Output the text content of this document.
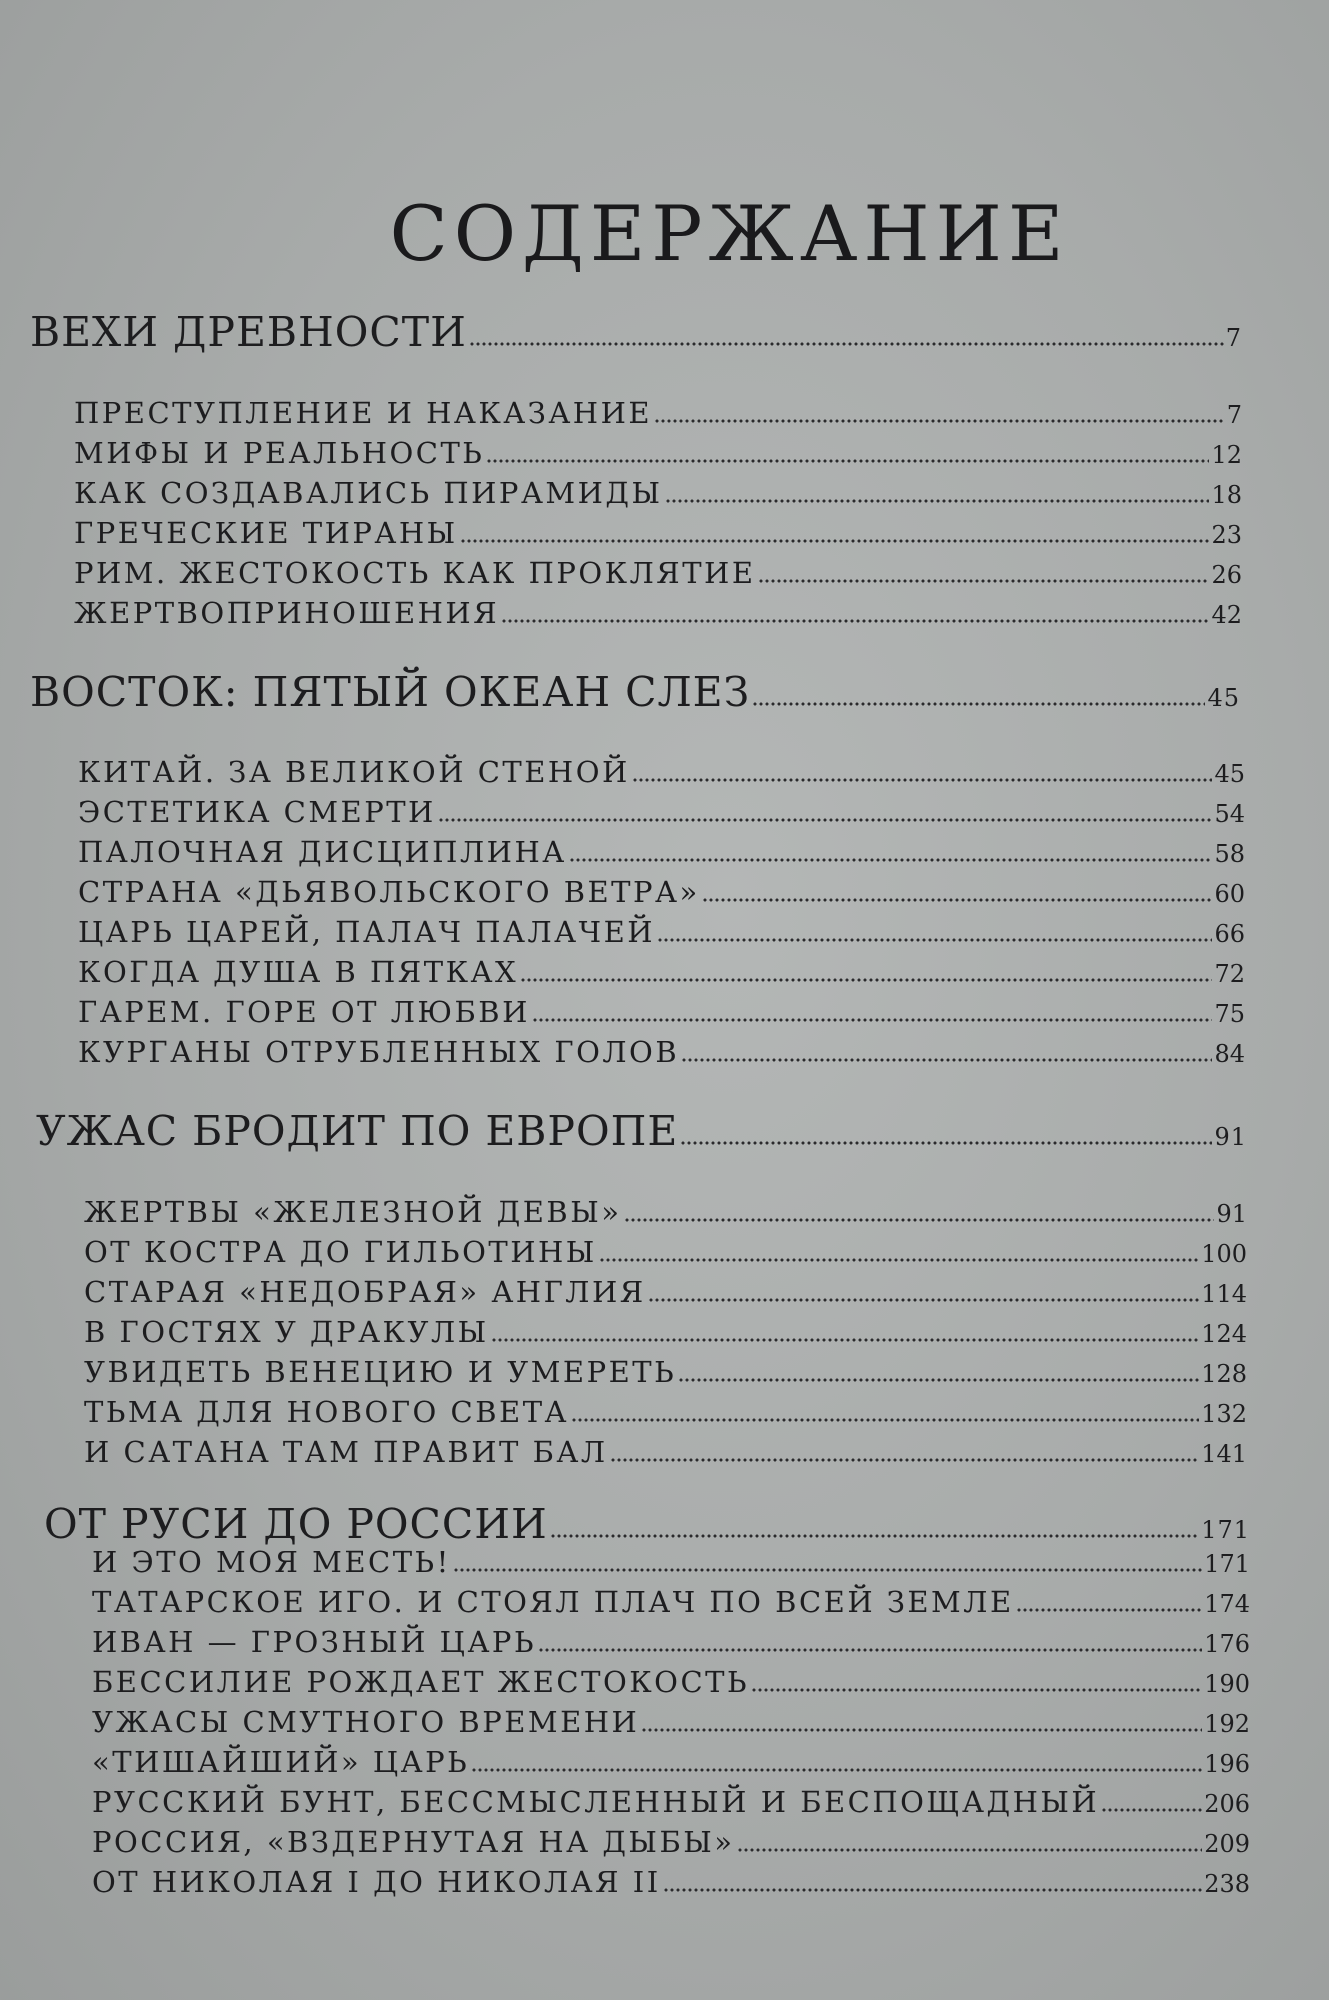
СОДЕРЖАНИЕ
ВЕХИ ДРЕВНОСТИ	7
ПРЕСТУПЛЕНИЕ И НАКАЗАНИЕ	7
МИФЫ И РЕАЛЬНОСТЬ	12
КАК СОЗДАВАЛИСЬ ПИРАМИДЫ	18
ГРЕЧЕСКИЕ ТИРАНЫ	23
РИМ. ЖЕСТОКОСТЬ КАК ПРОКЛЯТИЕ	26
ЖЕРТВОПРИНОШЕНИЯ	42
ВОСТОК: ПЯТЫЙ ОКЕАН СЛЕЗ	45
КИТАЙ. ЗА ВЕЛИКОЙ СТЕНОЙ	45
ЭСТЕТИКА СМЕРТИ	54
ПАЛОЧНАЯ ДИСЦИПЛИНА	58
СТРАНА «ДЬЯВОЛЬСКОГО ВЕТРА»	60
ЦАРЬ ЦАРЕЙ, ПАЛАЧ ПАЛАЧЕЙ	66
КОГДА ДУША В ПЯТКАХ	72
ГАРЕМ. ГОРЕ ОТ ЛЮБВИ	75
КУРГАНЫ ОТРУБЛЕННЫХ ГОЛОВ	84
УЖАС БРОДИТ ПО ЕВРОПЕ	91
ЖЕРТВЫ «ЖЕЛЕЗНОЙ ДЕВЫ»	91
ОТ КОСТРА ДО ГИЛЬОТИНЫ	100
СТАРАЯ «НЕДОБРАЯ» АНГЛИЯ	114
В ГОСТЯХ У ДРАКУЛЫ	124
УВИДЕТЬ ВЕНЕЦИЮ И УМЕРЕТЬ	128
ТЬМА ДЛЯ НОВОГО СВЕТА	132
И САТАНА ТАМ ПРАВИТ БАЛ	141
ОТ РУСИ ДО РОССИИ	171
И ЭТО МОЯ МЕСТЬ!	171
ТАТАРСКОЕ ИГО. И СТОЯЛ ПЛАЧ ПО ВСЕЙ ЗЕМЛЕ	174
ИВАН — ГРОЗНЫЙ ЦАРЬ	176
БЕССИЛИЕ РОЖДАЕТ ЖЕСТОКОСТЬ	190
УЖАСЫ СМУТНОГО ВРЕМЕНИ	192
«ТИШАЙШИЙ» ЦАРЬ	196
РУССКИЙ БУНТ, БЕССМЫСЛЕННЫЙ И БЕСПОЩАДНЫЙ	206
РОССИЯ, «ВЗДЕРНУТАЯ НА ДЫБЫ»	209
ОТ НИКОЛАЯ I ДО НИКОЛАЯ II	238
